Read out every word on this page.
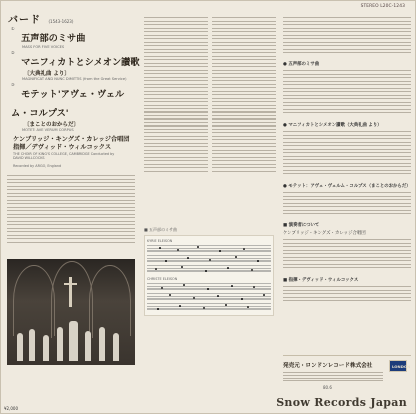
STEREO L20C-1243
バード (1543-1623)
① 五声部のミサ曲
MASS FOR FIVE VOICES
② マニフィカトとシメオン讃歌
〔大典礼曲 より〕
MAGNIFICAT AND NUNC DIMITTIS (from the Great Service)
③ モテット'アヴェ・ヴェルム・コルプス'
〔まことのおからだ〕
MOTET: AVE VERUM CORPUS
ケンブリッジ・キングズ・カレッジ合唱団
指揮／デヴィッド・ウィルコックス
THE CHOIR OF KING'S COLLEGE, CAMBRIDGE Conducted by DAVID WILLCOCKS
Recorded by ARGO, England
■ 五声部のミサ曲
KYRIE ELEISON
CHRISTE ELEISON
● 五声部のミサ曲
● マニフィカトとシメオン讃歌（大典礼曲 より）
● モテット：アヴェ・ヴェルム・コルプス（まことのおからだ）
■ 演奏者について
ケンブリッジ・キングズ・カレッジ合唱団
■ 指揮・デヴィッド・ウィルコックス
発売元・ロンドンレコード株式会社
80.6
LONDON
¥2,000	Snow Records Japan
